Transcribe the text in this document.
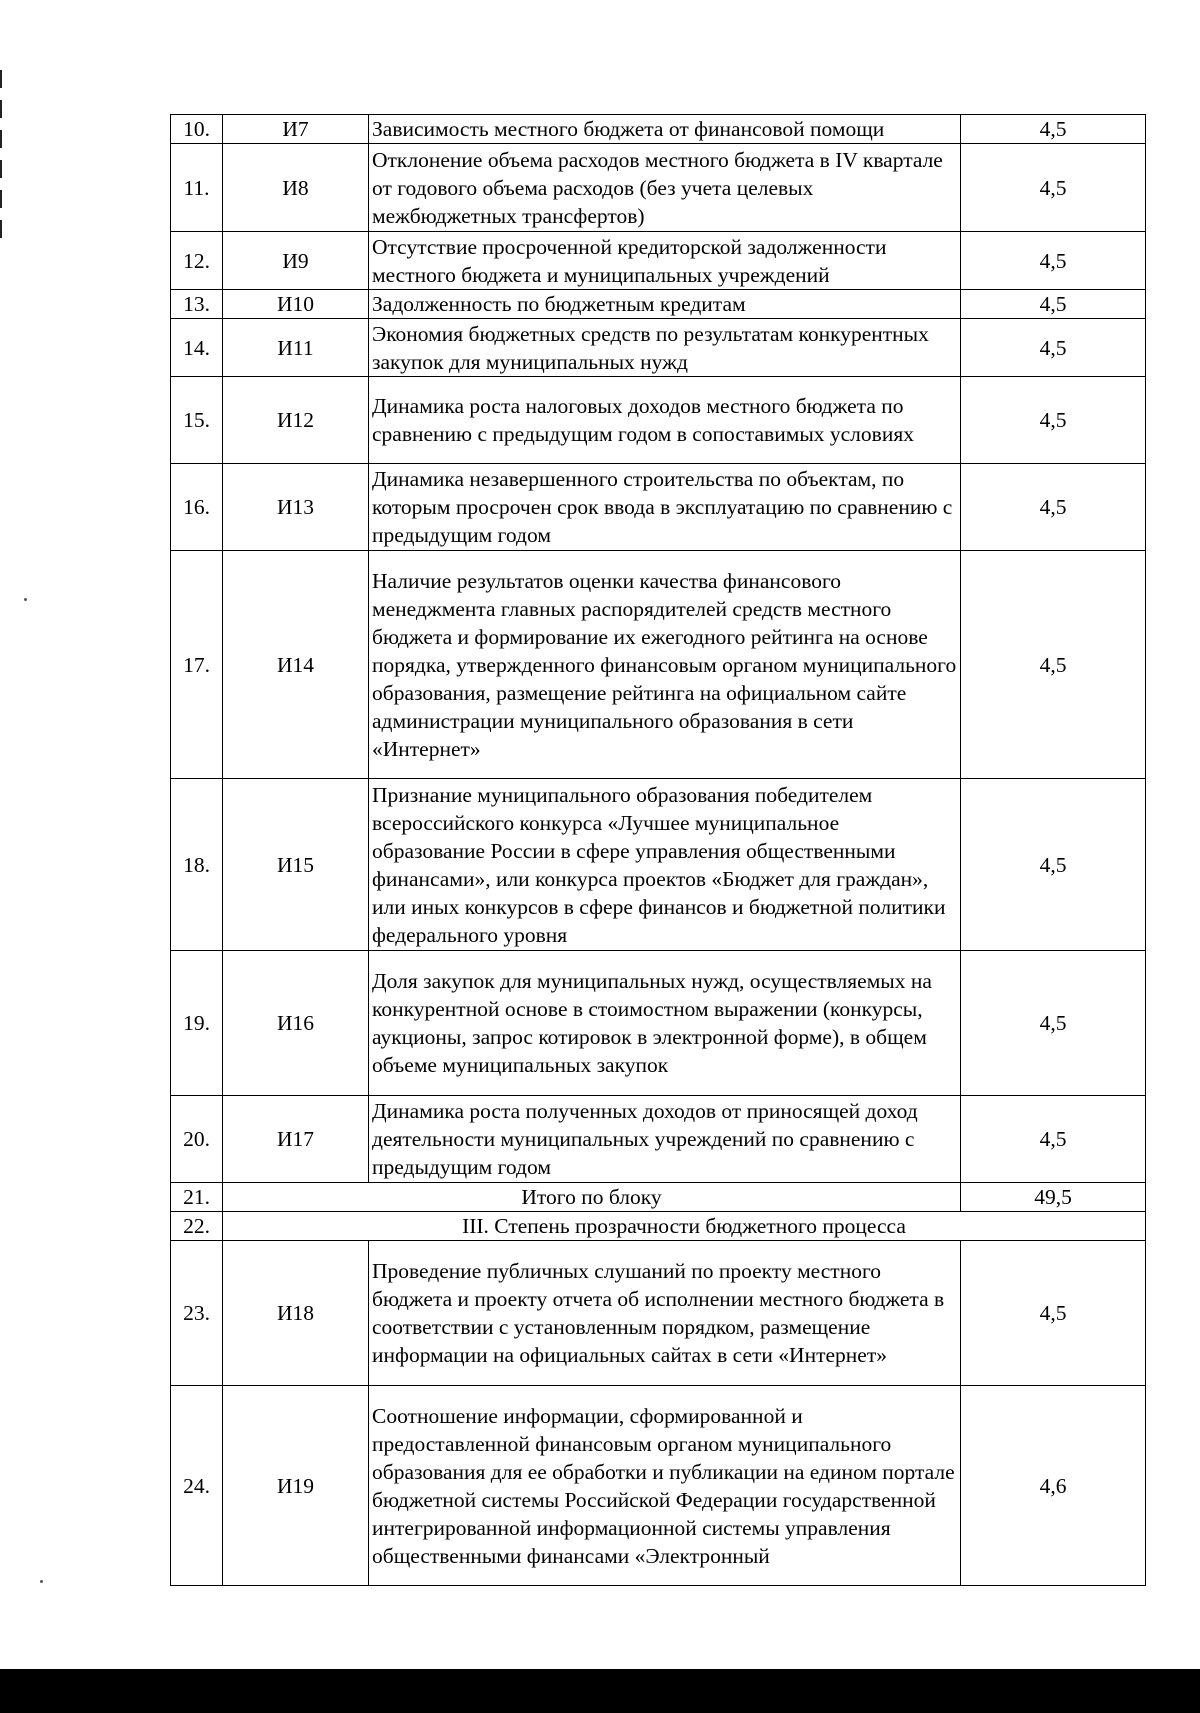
10.	И7	Зависимость местного бюджета от финансовой помощи	4,5
11.	И8	Отклонение объема расходов местного бюджета в IV квартале от годового объема расходов (без учета целевых межбюджетных трансфертов)	4,5
12.	И9	Отсутствие просроченной кредиторской задолженности местного бюджета и муниципальных учреждений	4,5
13.	И10	Задолженность по бюджетным кредитам	4,5
14.	И11	Экономия бюджетных средств по результатам конкурентных закупок для муниципальных нужд	4,5
15.	И12	Динамика роста налоговых доходов местного бюджета по сравнению с предыдущим годом в сопоставимых условиях	4,5
16.	И13	Динамика незавершенного строительства по объектам, по которым просрочен срок ввода в эксплуатацию по сравнению с предыдущим годом	4,5
17.	И14	Наличие результатов оценки качества финансового менеджмента главных распорядителей средств местного бюджета и формирование их ежегодного рейтинга на основе порядка, утвержденного финансовым органом муниципального образования, размещение рейтинга на официальном сайте администрации муниципального образования в сети «Интернет»	4,5
18.	И15	Признание муниципального образования победителем всероссийского конкурса «Лучшее муниципальное образование России в сфере управления общественными финансами», или конкурса проектов «Бюджет для граждан», или иных конкурсов в сфере финансов и бюджетной политики федерального уровня	4,5
19.	И16	Доля закупок для муниципальных нужд, осуществляемых на конкурентной основе в стоимостном выражении (конкурсы, аукционы, запрос котировок в электронной форме), в общем объеме муниципальных закупок	4,5
20.	И17	Динамика роста полученных доходов от приносящей доход деятельности муниципальных учреждений по сравнению с предыдущим годом	4,5
21.	Итого по блоку		49,5
22.	III. Степень прозрачности бюджетного процесса		
23.	И18	Проведение публичных слушаний по проекту местного бюджета и проекту отчета об исполнении местного бюджета в соответствии с установленным порядком, размещение информации на официальных сайтах в сети «Интернет»	4,5
24.	И19	Соотношение информации, сформированной и предоставленной финансовым органом муниципального образования для ее обработки и публикации на едином портале бюджетной системы Российской Федерации государственной интегрированной информационной системы управления общественными финансами «Электронный	4,6
